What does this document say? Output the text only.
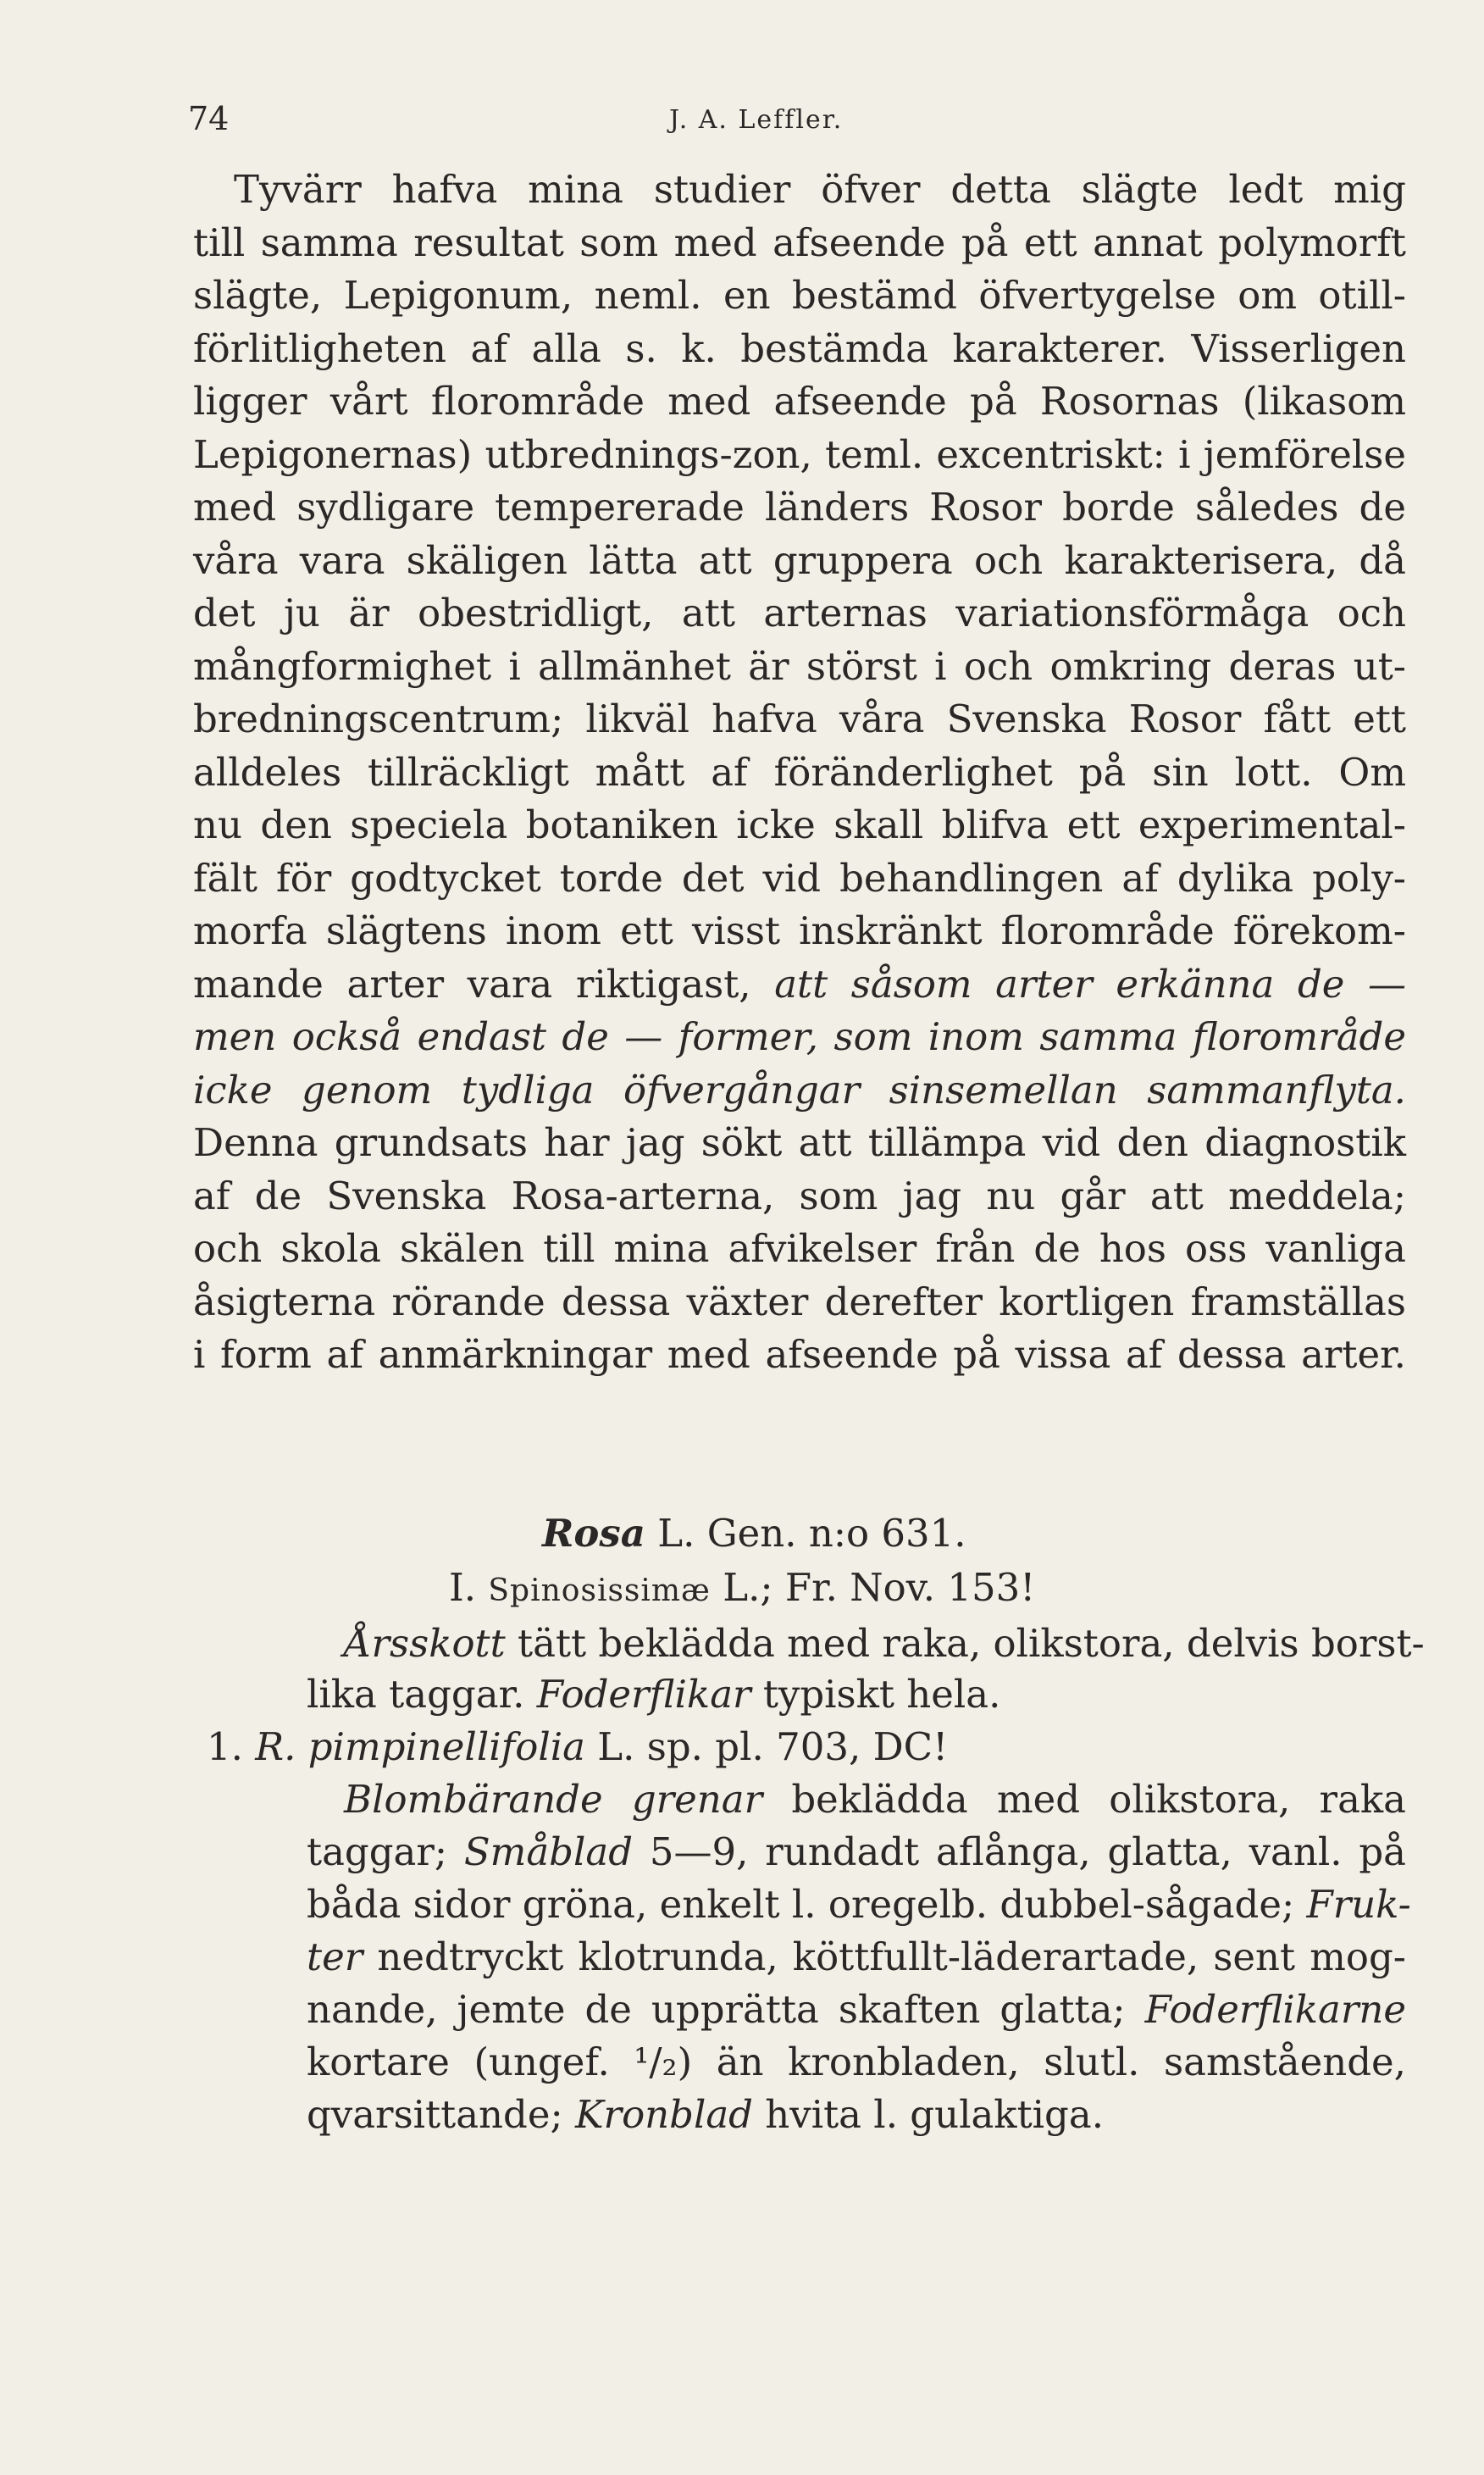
74	J. A. Leffler.
Tyvärr hafva mina studier öfver detta slägte ledt mig
till samma resultat som med afseende på ett annat polymorft
slägte, Lepigonum, neml. en bestämd öfvertygelse om otill-
förlitligheten af alla s. k. bestämda karakterer. Visserligen
ligger vårt florområde med afseende på Rosornas (likasom
Lepigonernas) utbrednings-zon, teml. excentriskt: i jemförelse
med sydligare tempererade länders Rosor borde således de
våra vara skäligen lätta att gruppera och karakterisera, då
det ju är obestridligt, att arternas variationsförmåga och
mångformighet i allmänhet är störst i och omkring deras ut-
bredningscentrum; likväl hafva våra Svenska Rosor fått ett
alldeles tillräckligt mått af föränderlighet på sin lott. Om
nu den speciela botaniken icke skall blifva ett experimental-
fält för godtycket torde det vid behandlingen af dylika poly-
morfa slägtens inom ett visst inskränkt florområde förekom-
mande arter vara riktigast, att såsom arter erkänna de —
men också endast de — former, som inom samma florområde
icke genom tydliga öfvergångar sinsemellan sammanflyta.
Denna grundsats har jag sökt att tillämpa vid den diagnostik
af de Svenska Rosa-arterna, som jag nu går att meddela;
och skola skälen till mina afvikelser från de hos oss vanliga
åsigterna rörande dessa växter derefter kortligen framställas
i form af anmärkningar med afseende på vissa af dessa arter.
Rosa L. Gen. n:o 631.
I. Spinosissimæ L.; Fr. Nov. 153!
Årsskott tätt beklädda med raka, olikstora, delvis borst-
lika taggar. Foderflikar typiskt hela.
1. R. pimpinellifolia L. sp. pl. 703, DC!
Blombärande grenar beklädda med olikstora, raka
taggar; Småblad 5—9, rundadt aflånga, glatta, vanl. på
båda sidor gröna, enkelt l. oregelb. dubbel-sågade; Fruk-
ter nedtryckt klotrunda, köttfullt-läderartade, sent mog-
nande, jemte de upprätta skaften glatta; Foderflikarne
kortare (ungef. ¹/₂) än kronbladen, slutl. samstående,
qvarsittande; Kronblad hvita l. gulaktiga.
